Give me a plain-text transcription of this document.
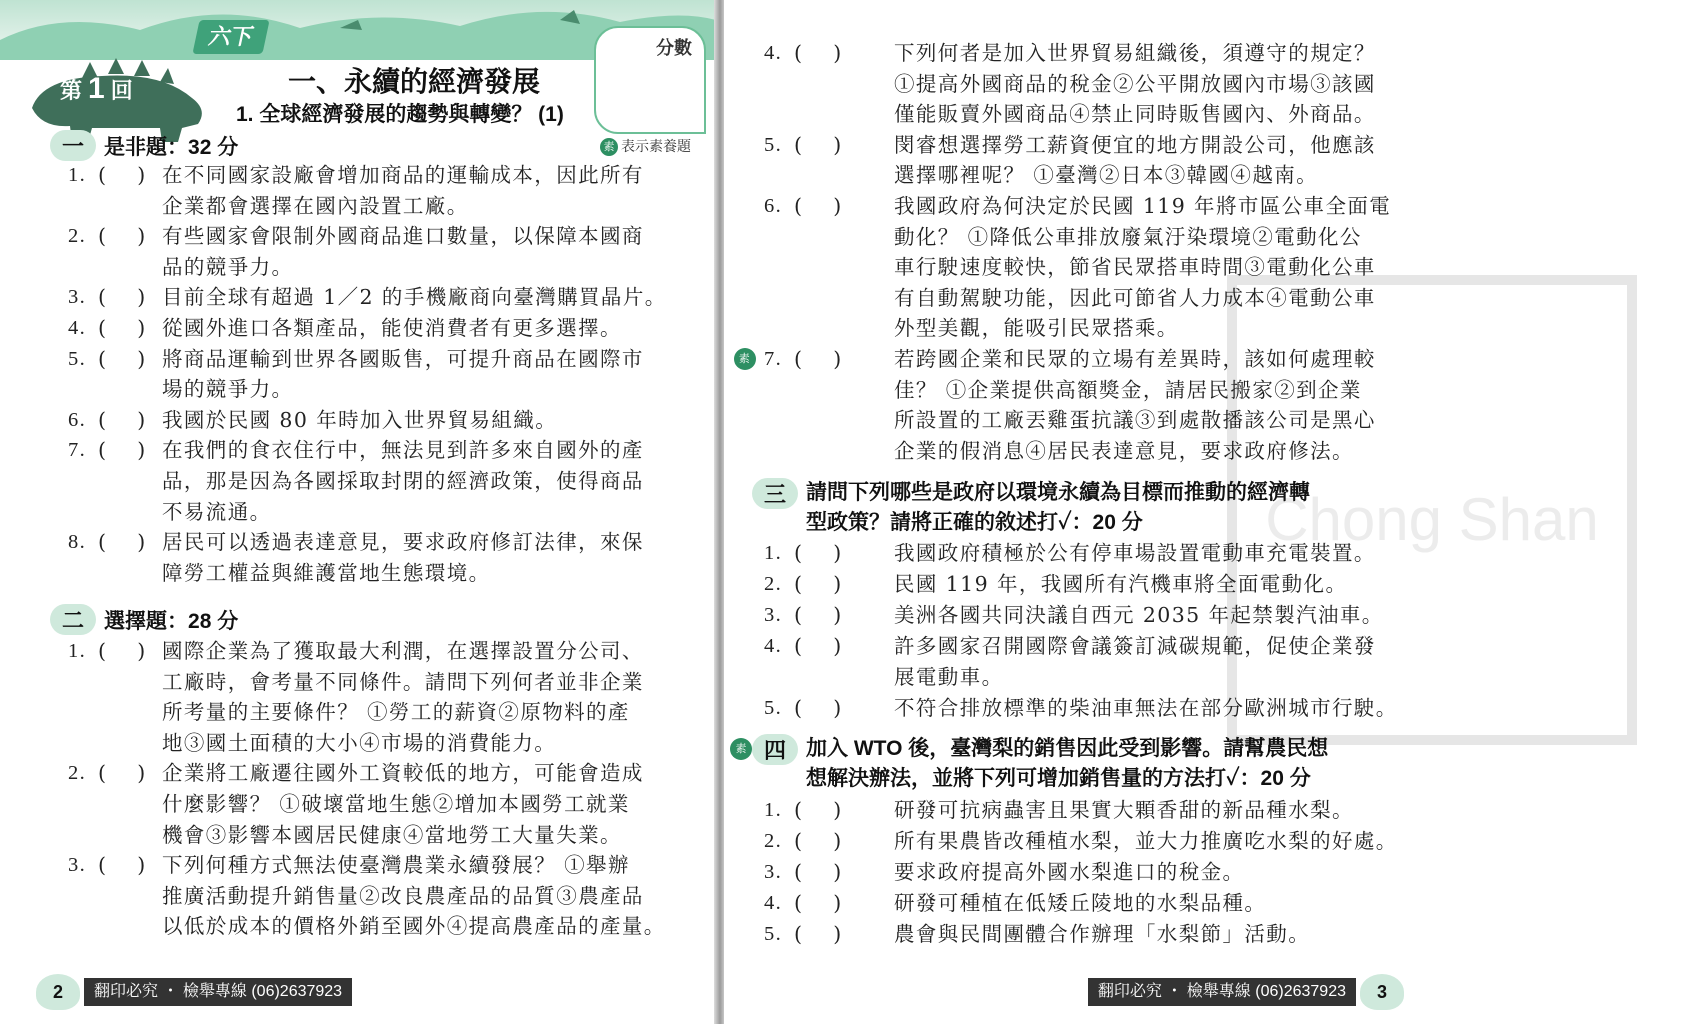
六下	分數
第 1 回	一、永續的經濟發展
1. 全球經濟發展的趨勢與轉變？ (1)
素 表示素養題
一 是非題：32 分
1. (　 ) 在不同國家設廠會增加商品的運輸成本，因此所有
企業都會選擇在國內設置工廠。
2. (　 ) 有些國家會限制外國商品進口數量，以保障本國商
品的競爭力。
3. (　 ) 目前全球有超過 1／2 的手機廠商向臺灣購買晶片。
4. (　 ) 從國外進口各類產品，能使消費者有更多選擇。
5. (　 ) 將商品運輸到世界各國販售，可提升商品在國際市
場的競爭力。
6. (　 ) 我國於民國 80 年時加入世界貿易組織。
7. (　 ) 在我們的食衣住行中，無法見到許多來自國外的產
品，那是因為各國採取封閉的經濟政策，使得商品
不易流通。
8. (　 ) 居民可以透過表達意見，要求政府修訂法律，來保
障勞工權益與維護當地生態環境。
二 選擇題：28 分
1. (　 ) 國際企業為了獲取最大利潤，在選擇設置分公司、
工廠時，會考量不同條件。請問下列何者並非企業
所考量的主要條件？ ①勞工的薪資②原物料的產
地③國土面積的大小④市場的消費能力。
2. (　 ) 企業將工廠遷往國外工資較低的地方，可能會造成
什麼影響？ ①破壞當地生態②增加本國勞工就業
機會③影響本國居民健康④當地勞工大量失業。
3. (　 ) 下列何種方式無法使臺灣農業永續發展？ ①舉辦
推廣活動提升銷售量②改良農產品的品質③農產品
以低於成本的價格外銷至國外④提高農產品的產量。
翻印必究 ・ 檢舉專線 (06)2637923
2
Chong Shan
4. (　 )	下列何者是加入世界貿易組織後，須遵守的規定？
①提高外國商品的稅金②公平開放國內市場③該國
僅能販賣外國商品④禁止同時販售國內、外商品。
5. (　 )	閔睿想選擇勞工薪資便宜的地方開設公司，他應該
選擇哪裡呢？ ①臺灣②日本③韓國④越南。
6. (　 )	我國政府為何決定於民國 119 年將市區公車全面電
動化？ ①降低公車排放廢氣汙染環境②電動化公
車行駛速度較快，節省民眾搭車時間③電動化公車
有自動駕駛功能，因此可節省人力成本④電動公車
外型美觀，能吸引民眾搭乘。
7. (　 )	若跨國企業和民眾的立場有差異時，該如何處理較
佳？ ①企業提供高額獎金，請居民搬家②到企業
所設置的工廠丟雞蛋抗議③到處散播該公司是黑心
企業的假消息④居民表達意見，要求政府修法。
素
三 請問下列哪些是政府以環境永續為目標而推動的經濟轉
型政策？請將正確的敘述打✓：20 分
1. (　 )	我國政府積極於公有停車場設置電動車充電裝置。
2. (　 )	民國 119 年，我國所有汽機車將全面電動化。
3. (　 )	美洲各國共同決議自西元 2035 年起禁製汽油車。
4. (　 )	許多國家召開國際會議簽訂減碳規範，促使企業發
展電動車。
5. (　 )	不符合排放標準的柴油車無法在部分歐洲城市行駛。
素 四 加入 WTO 後，臺灣梨的銷售因此受到影響。請幫農民想
想解決辦法，並將下列可增加銷售量的方法打✓：20 分
1. (　 )	研發可抗病蟲害且果實大顆香甜的新品種水梨。
2. (　 )	所有果農皆改種植水梨，並大力推廣吃水梨的好處。
3. (　 )	要求政府提高外國水梨進口的稅金。
4. (　 )	研發可種植在低矮丘陵地的水梨品種。
5. (　 )	農會與民間團體合作辦理「水梨節」活動。
翻印必究 ・ 檢舉專線 (06)2637923	3
